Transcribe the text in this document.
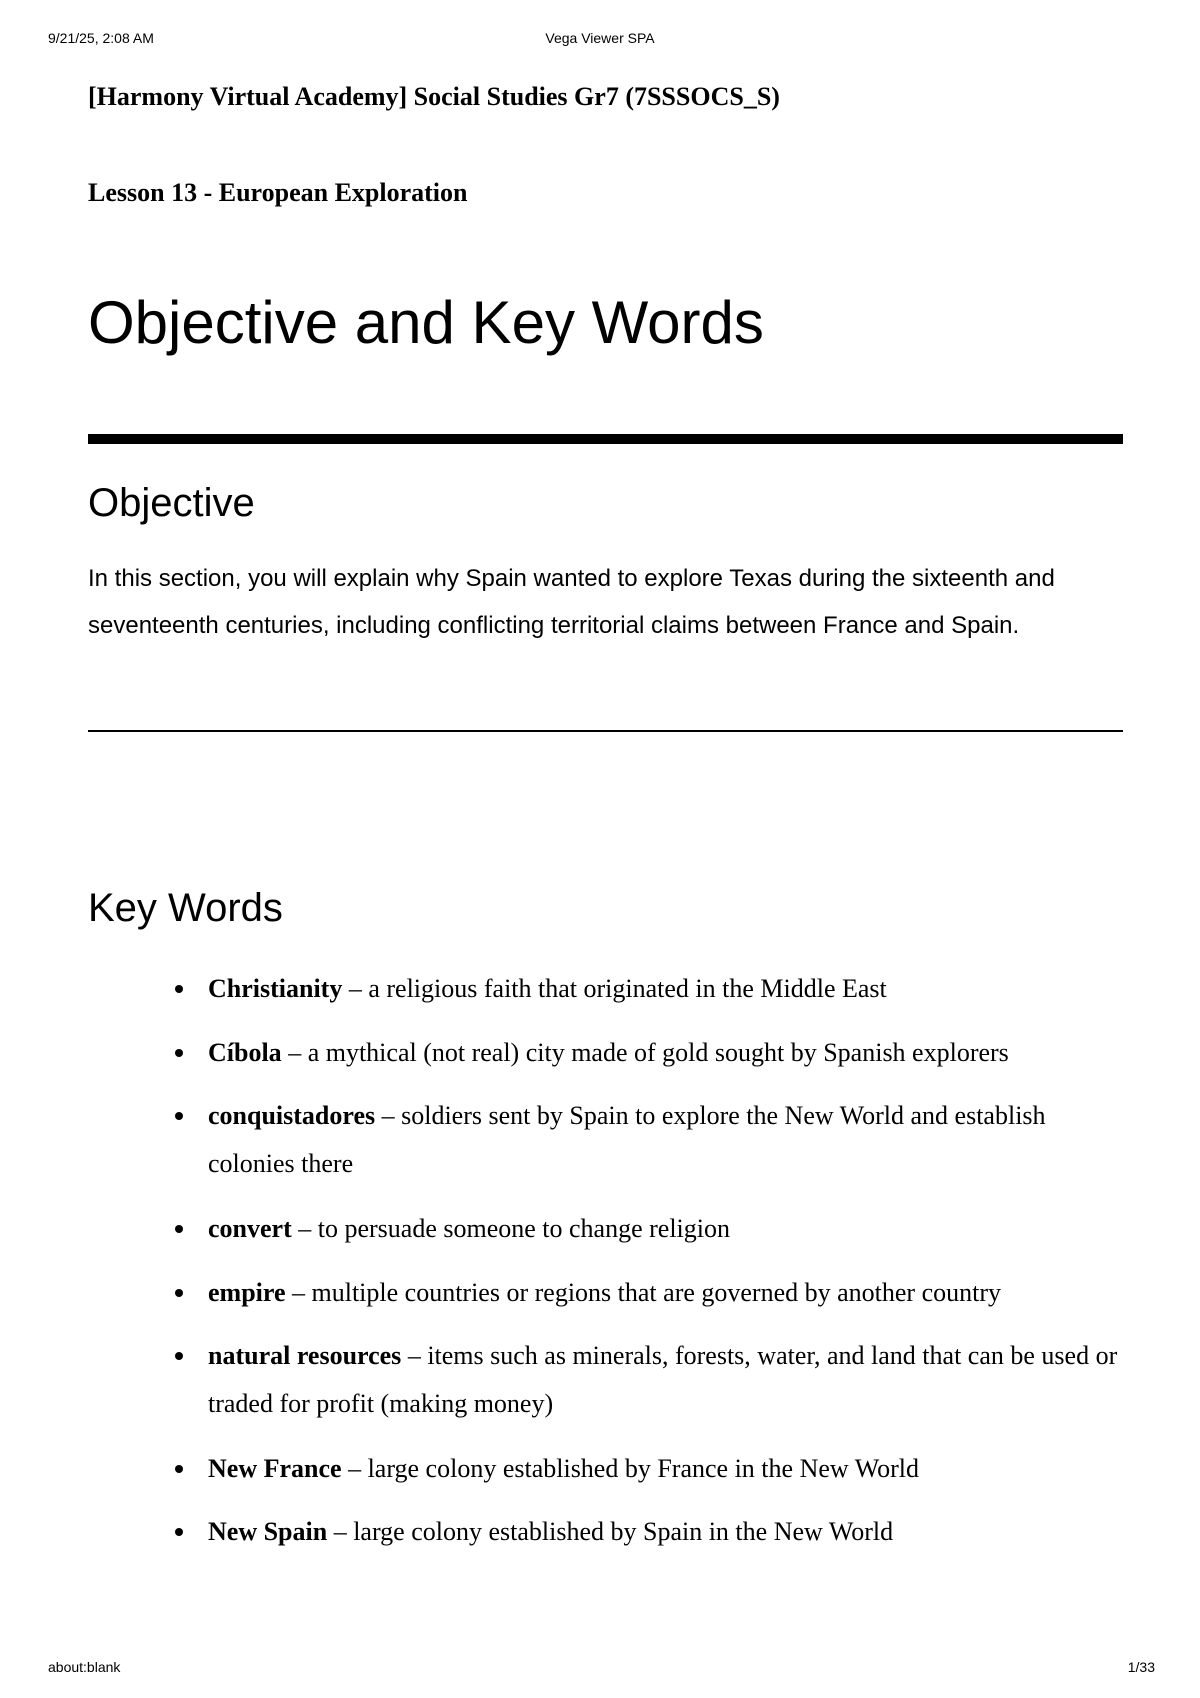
9/21/25, 2:08 AM	Vega Viewer SPA
[Harmony Virtual Academy] Social Studies Gr7 (7SSSOCS_S)
Lesson 13 - European Exploration
Objective and Key Words
Objective

In this section, you will explain why Spain wanted to explore Texas during the sixteenth and seventeenth centuries, including conflicting territorial claims between France and Spain.

Key Words
Christianity – a religious faith that originated in the Middle East
Cíbola – a mythical (not real) city made of gold sought by Spanish explorers
conquistadores – soldiers sent by Spain to explore the New World and establish colonies there
convert – to persuade someone to change religion
empire – multiple countries or regions that are governed by another country
natural resources – items such as minerals, forests, water, and land that can be used or traded for profit (making money)
New France – large colony established by France in the New World
New Spain – large colony established by Spain in the New World
about:blank	1/33
